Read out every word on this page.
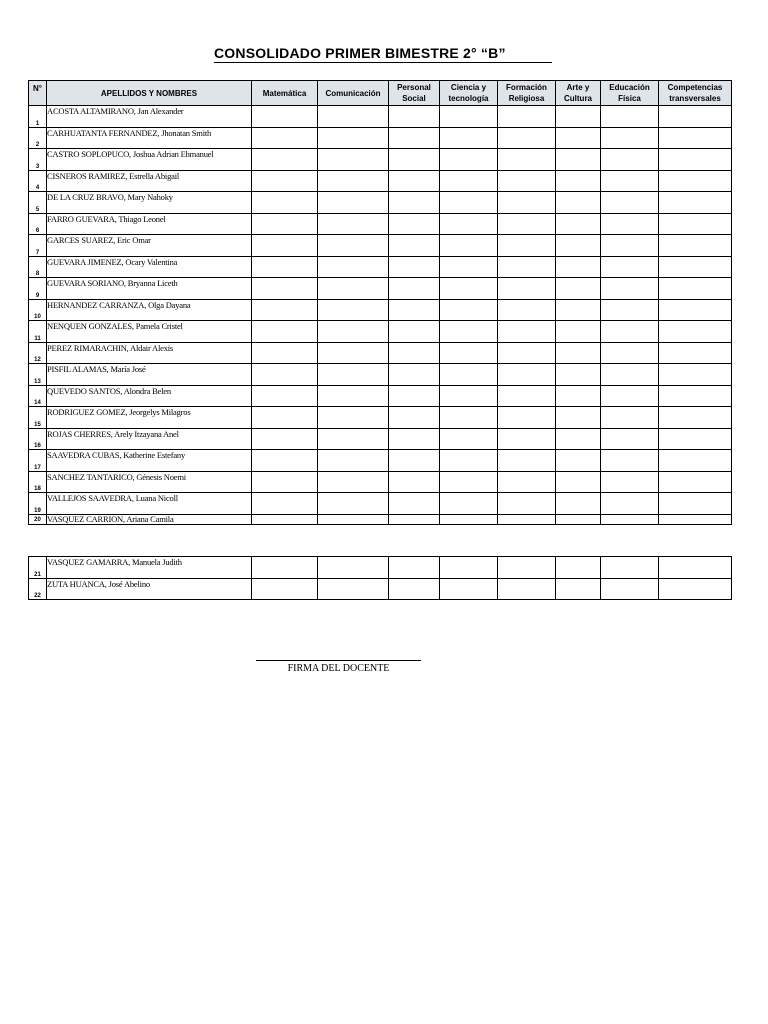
CONSOLIDADO PRIMER BIMESTRE 2° “B”
N°	APELLIDOS Y NOMBRES	Matemática	Comunicación	Personal Social	Ciencia y tecnología	Formación Religiosa	Arte y Cultura	Educación Física	Competencias transversales
1	ACOSTA ALTAMIRANO, Jan Alexander								
2	CARHUATANTA FERNANDEZ, Jhonatan Smith								
3	CASTRO SOPLOPUCO, Joshua Adrian Ehmanuel								
4	CISNEROS RAMIREZ, Estrella Abigail								
5	DE LA CRUZ BRAVO, Mary Nahoky								
6	FARRO GUEVARA, Thiago Leonel								
7	GARCES SUAREZ, Eric Omar								
8	GUEVARA JIMENEZ, Ocary Valentina								
9	GUEVARA SORIANO, Bryanna Liceth								
10	HERNANDEZ CARRANZA, Olga Dayana								
11	NENQUEN GONZALES, Pamela Cristel								
12	PEREZ RIMARACHIN, Aldair Alexis								
13	PISFIL ALAMAS, María José								
14	QUEVEDO SANTOS, Alondra Belen								
15	RODRIGUEZ GOMEZ, Jeorgelys Milagros								
16	ROJAS CHERRES, Arely Itzayana Anel								
17	SAAVEDRA CUBAS, Katherine Estefany								
18	SANCHEZ TANTARICO, Génesis Noemi								
19	VALLEJOS SAAVEDRA, Luana Nicoll								
20	VASQUEZ CARRION, Ariana Camila								
21	VASQUEZ GAMARRA, Manuela Judith								
22	ZUTA HUANCA, José Abelino								
FIRMA DEL DOCENTE
